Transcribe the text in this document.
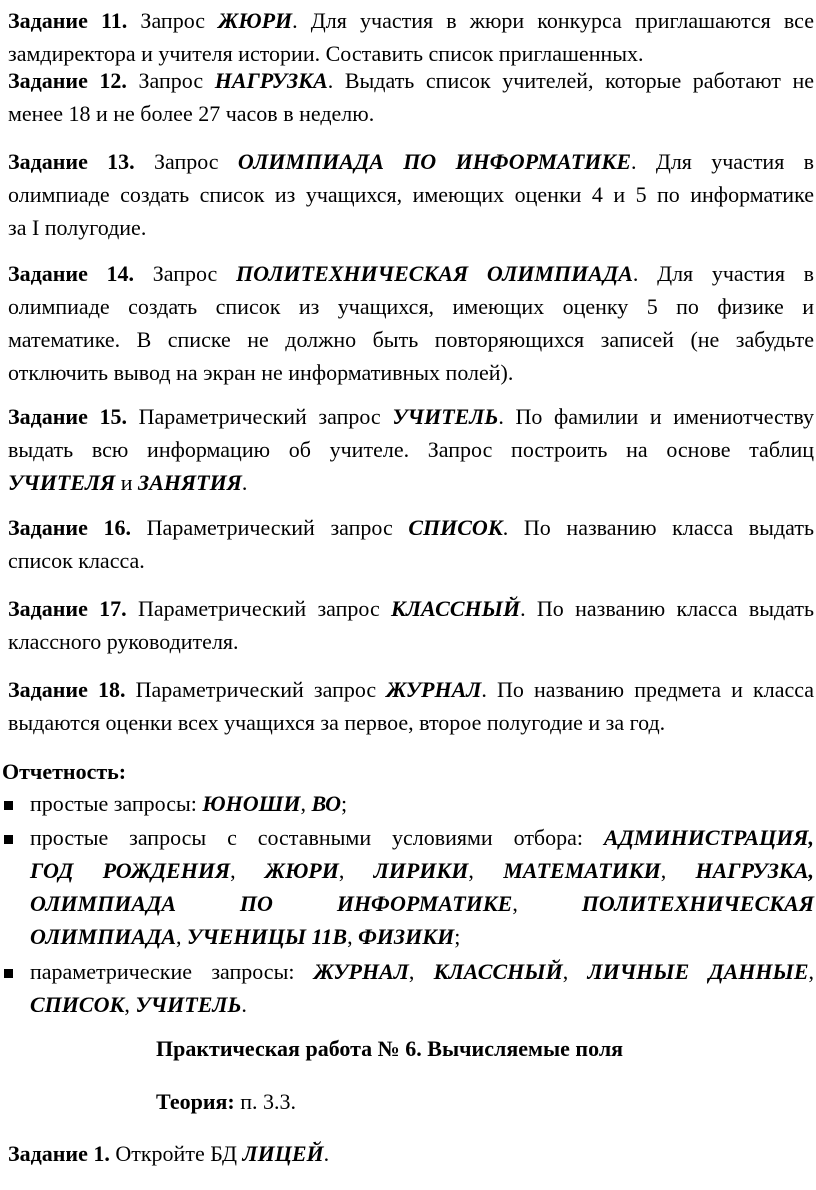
Задание 11. Запрос ЖЮРИ. Для участия в жюри конкурса приглашаются все
замдиректора и учителя истории. Составить список приглашенных.
Задание 12. Запрос НАГРУЗКА. Выдать список учителей, которые работают не
менее 18 и не более 27 часов в неделю.
Задание 13. Запрос ОЛИМПИАДА ПО ИНФОРМАТИКЕ. Для участия в
олимпиаде создать список из учащихся, имеющих оценки 4 и 5 по информатике
за I полугодие.
Задание 14. Запрос ПОЛИТЕХНИЧЕСКАЯ ОЛИМПИАДА. Для участия в
олимпиаде создать список из учащихся, имеющих оценку 5 по физике и
математике. В списке не должно быть повторяющихся записей (не забудьте
отключить вывод на экран не информативных полей).
Задание 15. Параметрический запрос УЧИТЕЛЬ. По фамилии и имениотчеству
выдать всю информацию об учителе. Запрос построить на основе таблиц
УЧИТЕЛЯ и ЗАНЯТИЯ.
Задание 16. Параметрический запрос СПИСОК. По названию класса выдать
список класса.
Задание 17. Параметрический запрос КЛАССНЫЙ. По названию класса выдать
классного руководителя.
Задание 18. Параметрический запрос ЖУРНАЛ. По названию предмета и класса
выдаются оценки всех учащихся за первое, второе полугодие и за год.
Отчетность:
простые запросы: ЮНОШИ, ВО;
простые запросы с составными условиями отбора: АДМИНИСТРАЦИЯ,
ГОД РОЖДЕНИЯ, ЖЮРИ, ЛИРИКИ, МАТЕМАТИКИ, НАГРУЗКА,
ОЛИМПИАДА ПО ИНФОРМАТИКЕ, ПОЛИТЕХНИЧЕСКАЯ
ОЛИМПИАДА, УЧЕНИЦЫ 11В, ФИЗИКИ;
параметрические запросы: ЖУРНАЛ, КЛАССНЫЙ, ЛИЧНЫЕ ДАННЫЕ,
СПИСОК, УЧИТЕЛЬ.
Практическая работа № 6. Вычисляемые поля
Теория: п. 3.3.
Задание 1. Откройте БД ЛИЦЕЙ.
